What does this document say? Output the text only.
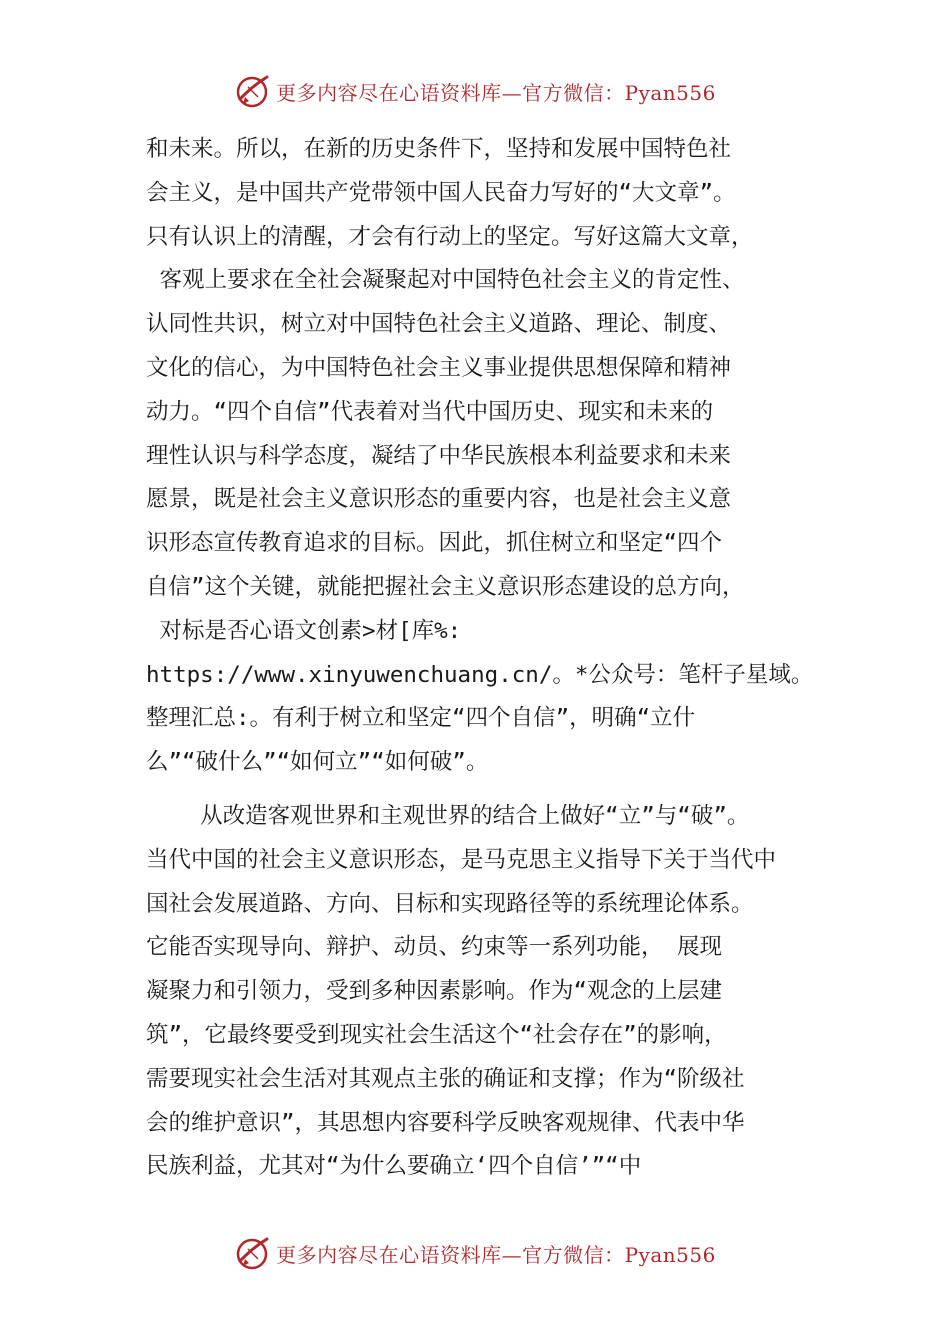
更多内容尽在心语资料库—官方微信：Pyan556
和未来。所以，在新的历史条件下，坚持和发展中国特色社
会主义，是中国共产党带领中国人民奋力写好的“大文章”。
只有认识上的清醒，才会有行动上的坚定。写好这篇大文章，
客观上要求在全社会凝聚起对中国特色社会主义的肯定性、
认同性共识，树立对中国特色社会主义道路、理论、制度、
文化的信心，为中国特色社会主义事业提供思想保障和精神
动力。“四个自信”代表着对当代中国历史、现实和未来的
理性认识与科学态度，凝结了中华民族根本利益要求和未来
愿景，既是社会主义意识形态的重要内容，也是社会主义意
识形态宣传教育追求的目标。因此，抓住树立和坚定“四个
自信”这个关键，就能把握社会主义意识形态建设的总方向，
对标是否心语文创素>材[库%:
https://www.xinyuwenchuang.cn/。*公众号：笔杆子星域。
整理汇总:。有利于树立和坚定“四个自信”，明确“立什
么”“破什么”“如何立”“如何破”。
从改造客观世界和主观世界的结合上做好“立”与“破”。
当代中国的社会主义意识形态，是马克思主义指导下关于当代中
国社会发展道路、方向、目标和实现路径等的系统理论体系。
它能否实现导向、辩护、动员、约束等一系列功能， 展现
凝聚力和引领力，受到多种因素影响。作为“观念的上层建
筑”，它最终要受到现实社会生活这个“社会存在”的影响，
需要现实社会生活对其观点主张的确证和支撑；作为“阶级社
会的维护意识”，其思想内容要科学反映客观规律、代表中华
民族利益，尤其对“为什么要确立‘四个自信’”“中
更多内容尽在心语资料库—官方微信：Pyan556
